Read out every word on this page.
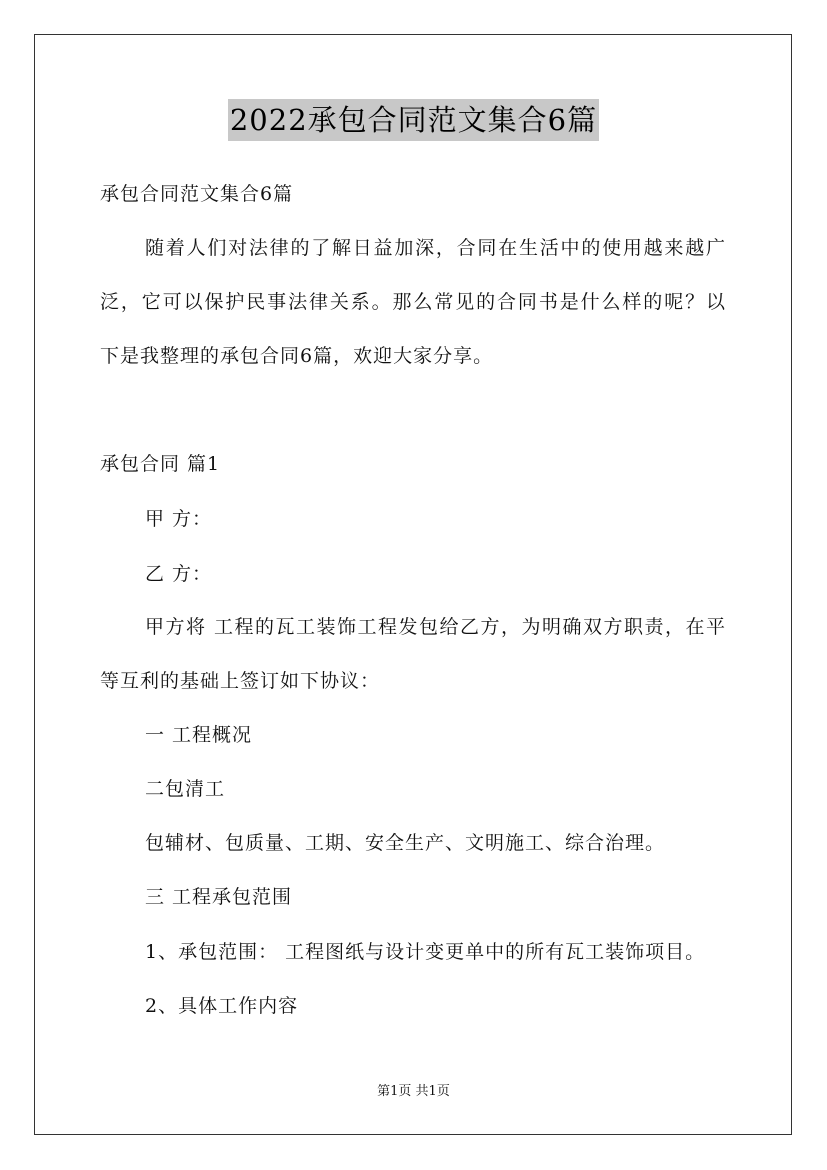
2022承包合同范文集合6篇
承包合同范文集合6篇
随着人们对法律的了解日益加深，合同在生活中的使用越来越广
泛，它可以保护民事法律关系。那么常见的合同书是什么样的呢？以
下是我整理的承包合同6篇，欢迎大家分享。
承包合同 篇1
甲 方：
乙 方：
甲方将 工程的瓦工装饰工程发包给乙方，为明确双方职责，在平
等互利的基础上签订如下协议：
一 工程概况
二包清工
包辅材、包质量、工期、安全生产、文明施工、综合治理。
三 工程承包范围
1、承包范围： 工程图纸与设计变更单中的所有瓦工装饰项目。
2、具体工作内容
第1页 共1页
